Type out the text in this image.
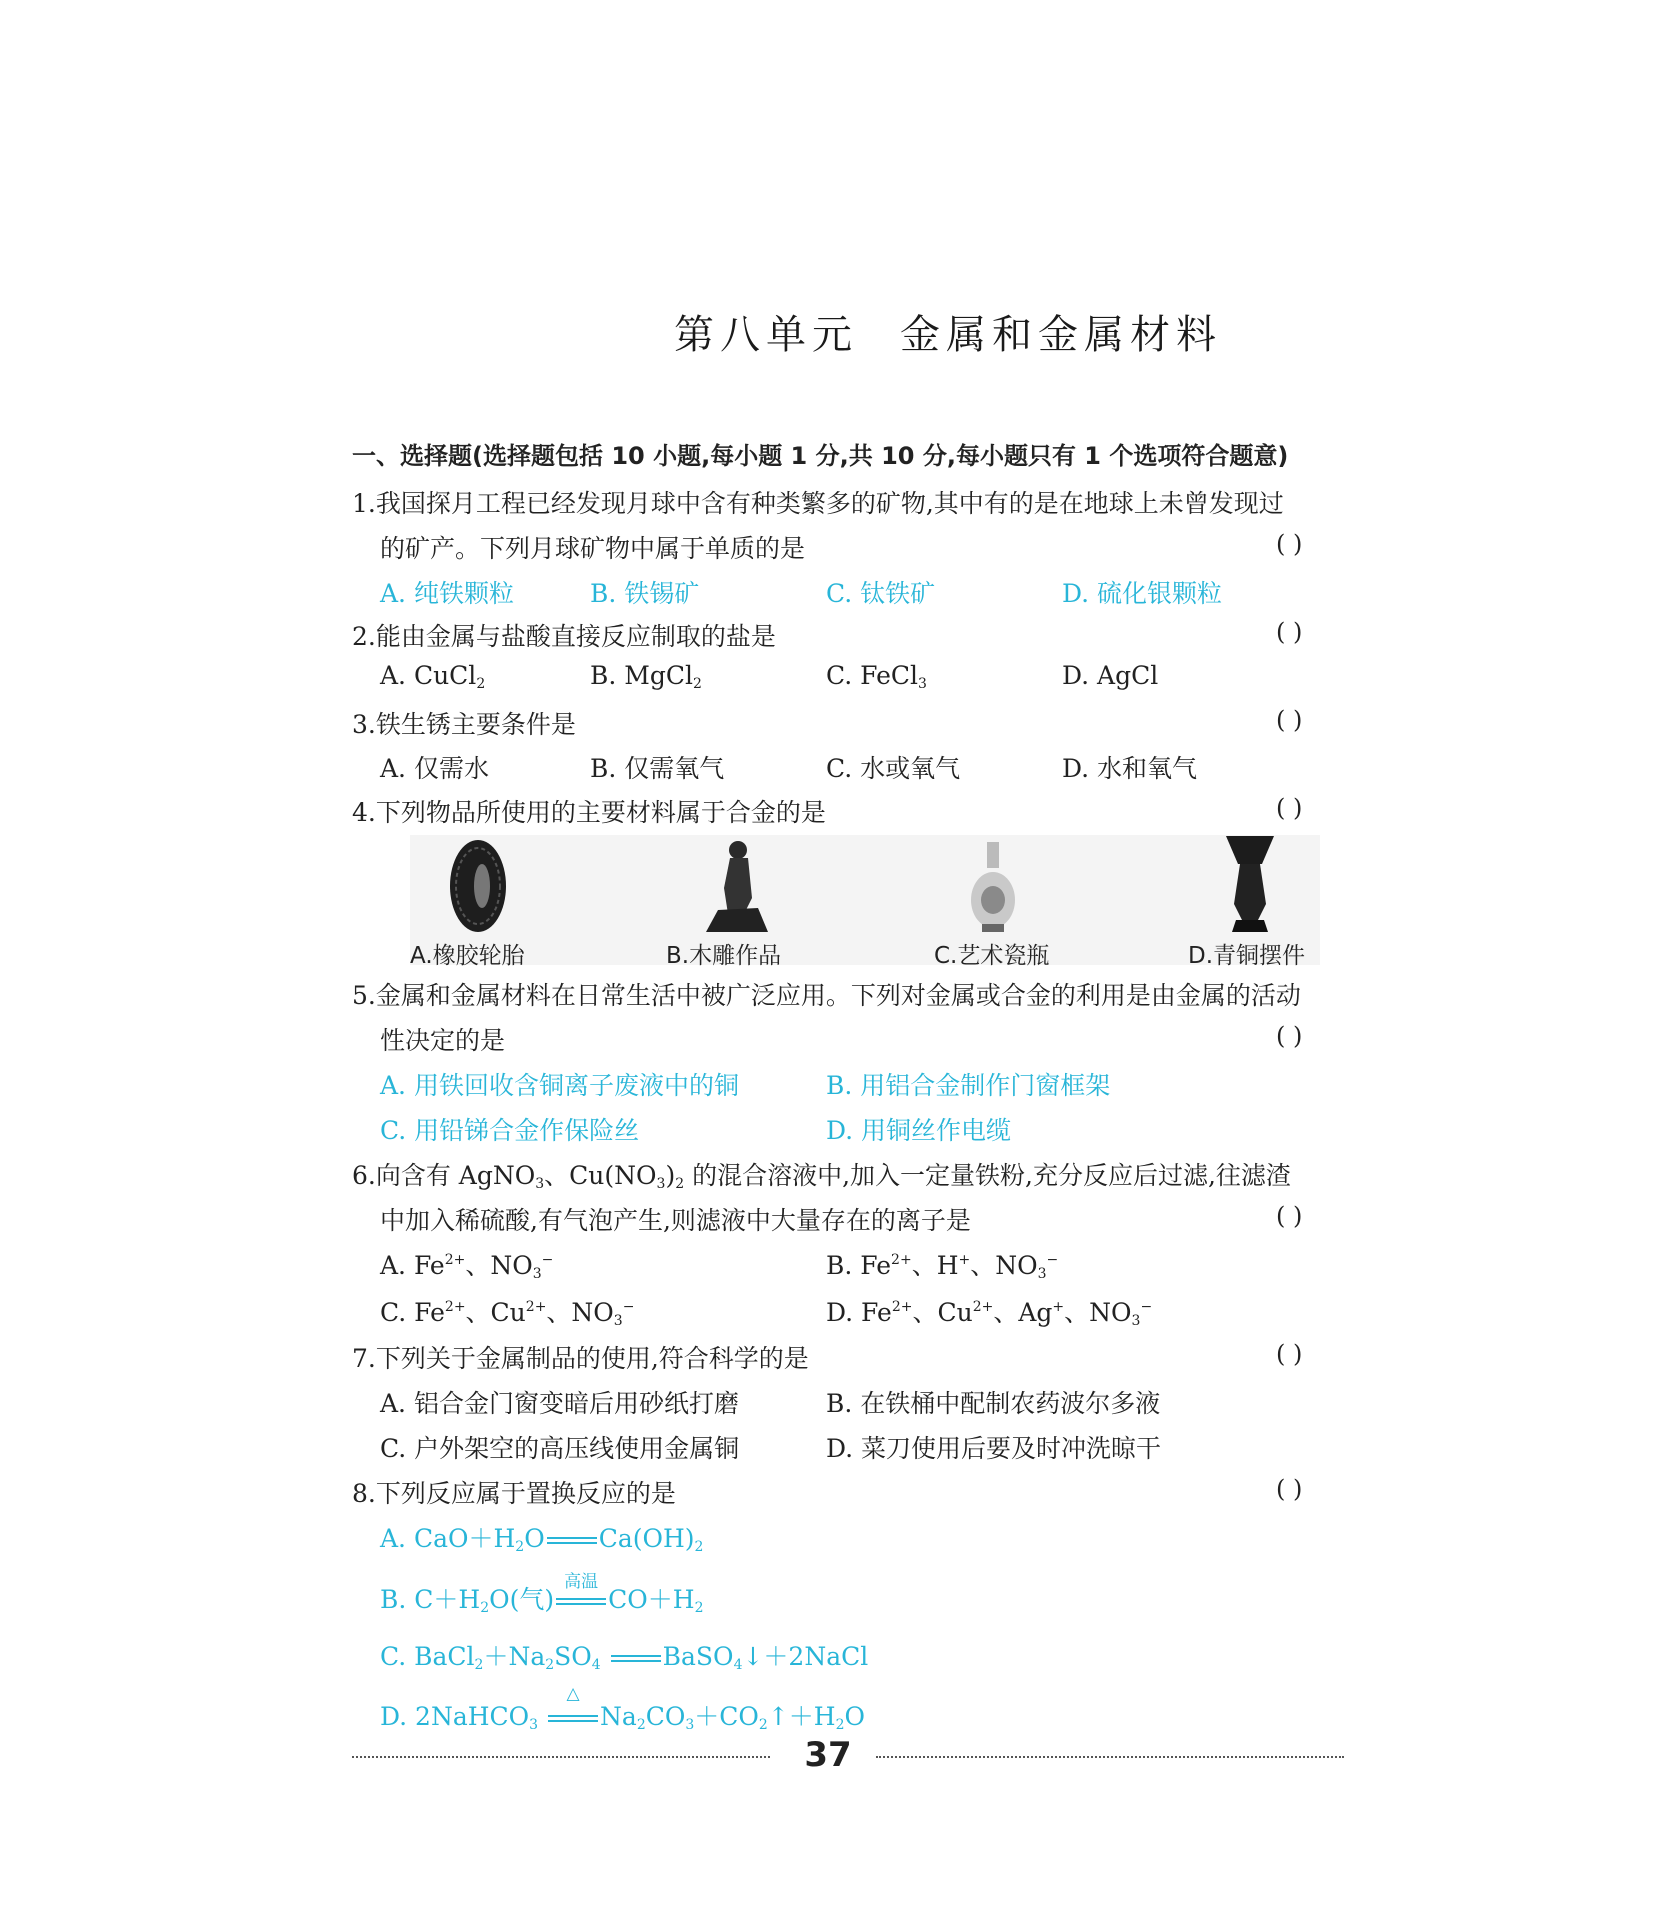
第八单元 金属和金属材料
一、选择题(选择题包括 10 小题,每小题 1 分,共 10 分,每小题只有 1 个选项符合题意)
1.我国探月工程已经发现月球中含有种类繁多的矿物,其中有的是在地球上未曾发现过
的矿产。下列月球矿物中属于单质的是	( )
A. 纯铁颗粒	B. 铁锡矿	C. 钛铁矿	D. 硫化银颗粒
2.能由金属与盐酸直接反应制取的盐是	( )
A. CuCl$_2$	B. MgCl$_2$	C. FeCl$_3$	D. AgCl
3.铁生锈主要条件是	( )
A. 仅需水	B. 仅需氧气	C. 水或氧气	D. 水和氧气
4.下列物品所使用的主要材料属于合金的是	( )
A.橡胶轮胎	B.木雕作品	C.艺术瓷瓶	D.青铜摆件
5.金属和金属材料在日常生活中被广泛应用。下列对金属或合金的利用是由金属的活动
性决定的是	( )
A. 用铁回收含铜离子废液中的铜	B. 用铝合金制作门窗框架
C. 用铅锑合金作保险丝	D. 用铜丝作电缆
6.向含有 AgNO$_3$、$Cu(NO_3)_2$ 的混合溶液中,加入一定量铁粉,充分反应后过滤,往滤渣
中加入稀硫酸,有气泡产生,则滤液中大量存在的离子是	( )
A. $Fe^{2+}$、$NO_3^-$	B. $Fe^{2+}$、H+、$NO_3^-$
C. $Fe^{2+}$、$Cu^{2+}$、$NO_3^-$	D. $Fe^{2+}$、$Cu^{2+}$、Ag+、$NO_3^-$
7.下列关于金属制品的使用,符合科学的是	( )
A. 铝合金门窗变暗后用砂纸打磨	B. 在铁桶中配制农药波尔多液
C. 户外架空的高压线使用金属铜	D. 菜刀使用后要及时冲洗晾干
8.下列反应属于置换反应的是	( )
A. $CaO+H_2O$ $Ca(OH)_2$
B. $C+H_2O$(气)
高温
$CO+H_2$
C. $BaCl_2+Na_2SO_4$ BaSO$_4$↓＋2NaCl
D. 2NaHCO$_3$
△
$Na_2CO_3+CO_2↑+H_2O$
37
